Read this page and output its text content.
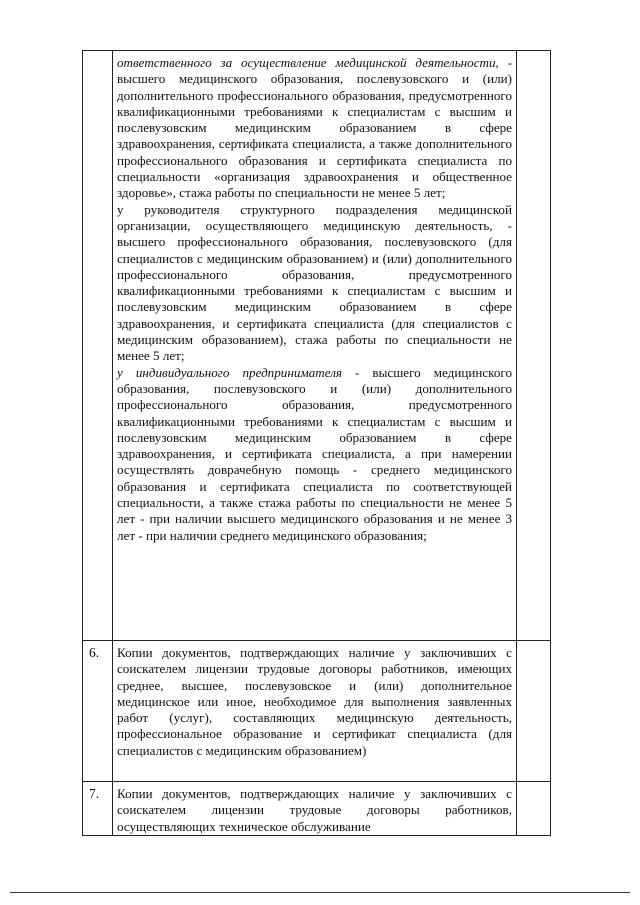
	ответственного за осуществление медицинской деятельности, - высшего медицинского образования, послевузовского и (или) дополнительного профессионального образования, предусмотренного квалификационными требованиями к специалистам с высшим и послевузовским медицинским образованием в сфере здравоохранения, сертификата специалиста, а также дополнительного профессионального образования и сертификата специалиста по специальности «организация здравоохранения и общественное здоровье», стажа работы по специальности не менее 5 лет;

у руководителя структурного подразделения медицинской организации, осуществляющего медицинскую деятельность, - высшего профессионального образования, послевузовского (для специалистов с медицинским образованием) и (или) дополнительного профессионального образования, предусмотренного квалификационными требованиями к специалистам с высшим и послевузовским медицинским образованием в сфере здравоохранения, и сертификата специалиста (для специалистов с медицинским образованием), стажа работы по специальности не менее 5 лет;

у индивидуального предпринимателя - высшего медицинского образования, послевузовского и (или) дополнительного профессионального образования, предусмотренного квалификационными требованиями к специалистам с высшим и послевузовским медицинским образованием в сфере здравоохранения, и сертификата специалиста, а при намерении осуществлять доврачебную помощь - среднего медицинского образования и сертификата специалиста по соответствующей специальности, а также стажа работы по специальности не менее 5 лет - при наличии высшего медицинского образования и не менее 3 лет - при наличии среднего медицинского образования;	

6.	Копии документов, подтверждающих наличие у заключивших с соискателем лицензии трудовые договоры работников, имеющих среднее, высшее, послевузовское и (или) дополнительное медицинское или иное, необходимое для выполнения заявленных работ (услуг), составляющих медицинскую деятельность, профессиональное образование и сертификат специалиста (для специалистов с медицинским образованием)	

7.	Копии документов, подтверждающих наличие у заключивших с соискателем лицензии трудовые договоры работников, осуществляющих техническое обслуживание	
